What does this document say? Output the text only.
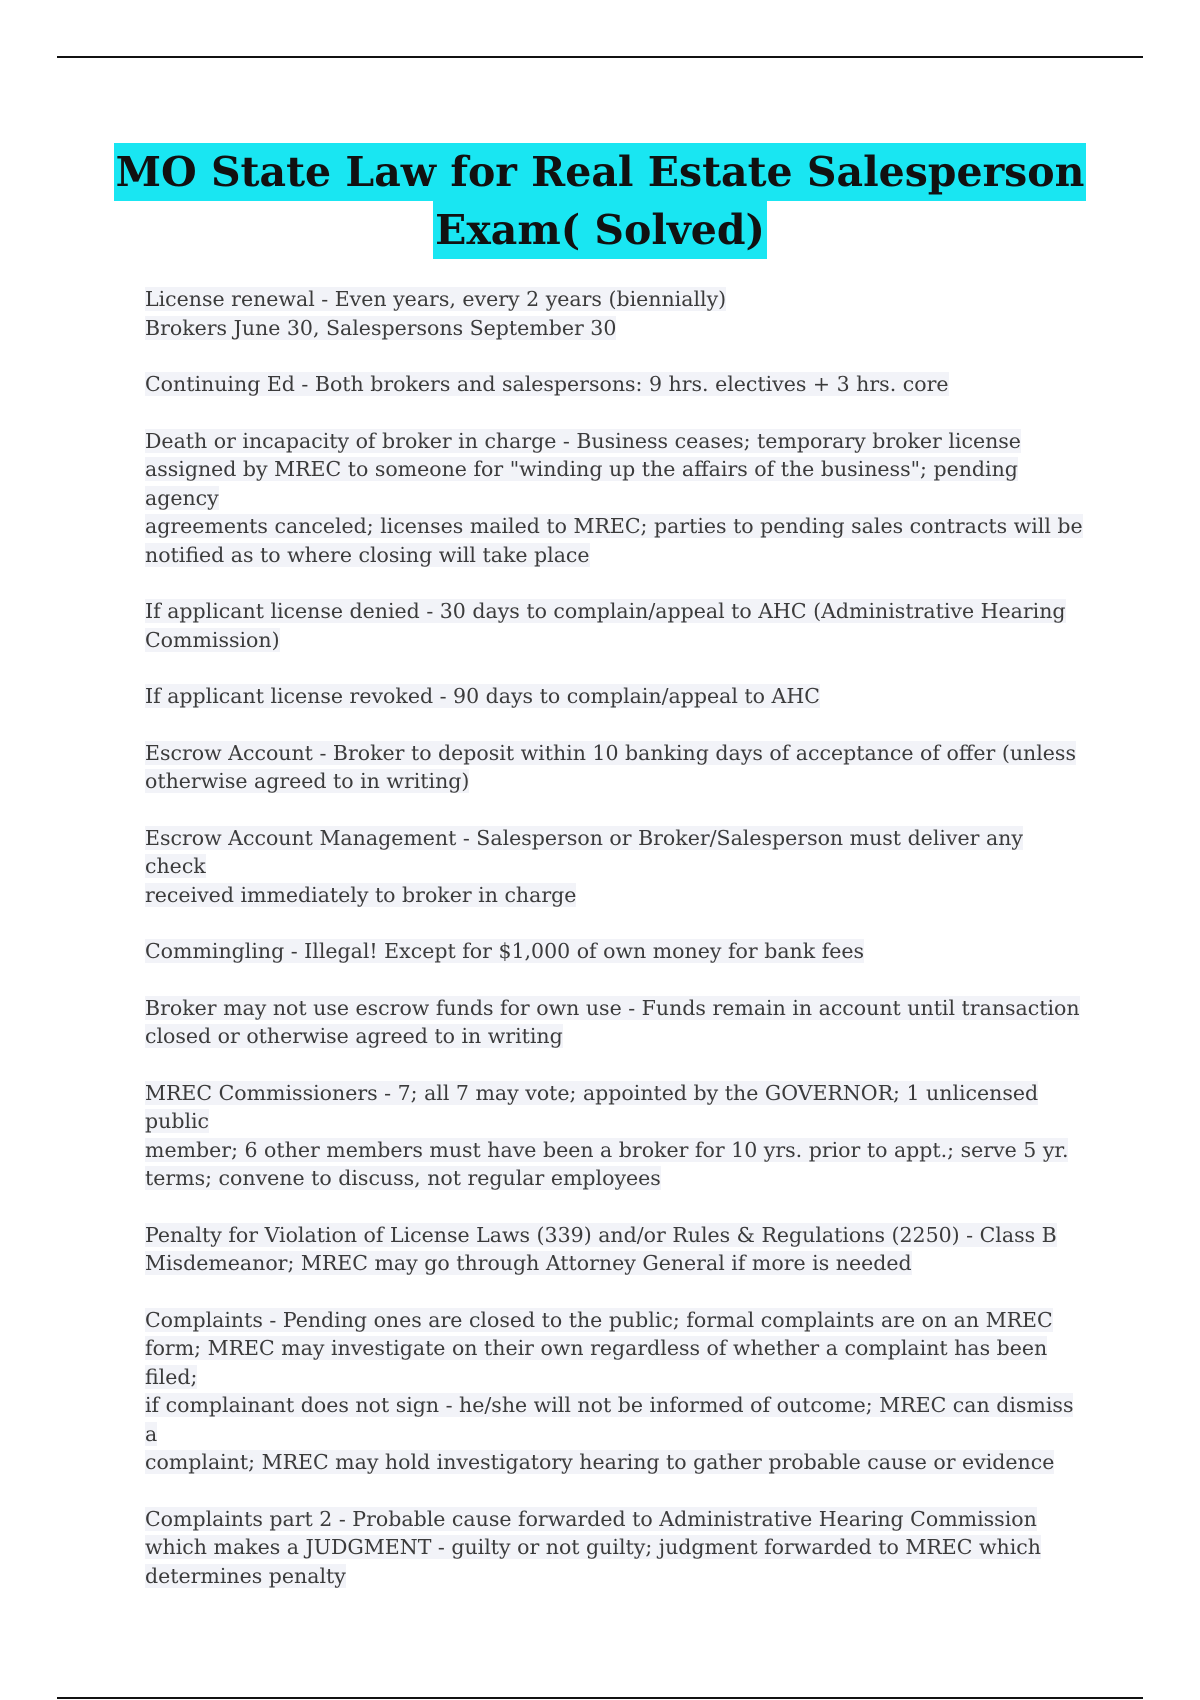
MO State Law for Real Estate Salesperson
Exam( Solved)
License renewal - Even years, every 2 years (biennially)
Brokers June 30, Salespersons September 30
Continuing Ed - Both brokers and salespersons: 9 hrs. electives + 3 hrs. core
Death or incapacity of broker in charge - Business ceases; temporary broker license
assigned by MREC to someone for "winding up the affairs of the business"; pending agency
agreements canceled; licenses mailed to MREC; parties to pending sales contracts will be
notified as to where closing will take place
If applicant license denied - 30 days to complain/appeal to AHC (Administrative Hearing
Commission)
If applicant license revoked - 90 days to complain/appeal to AHC
Escrow Account - Broker to deposit within 10 banking days of acceptance of offer (unless
otherwise agreed to in writing)
Escrow Account Management - Salesperson or Broker/Salesperson must deliver any check
received immediately to broker in charge
Commingling - Illegal! Except for $1,000 of own money for bank fees
Broker may not use escrow funds for own use - Funds remain in account until transaction
closed or otherwise agreed to in writing
MREC Commissioners - 7; all 7 may vote; appointed by the GOVERNOR; 1 unlicensed public
member; 6 other members must have been a broker for 10 yrs. prior to appt.; serve 5 yr.
terms; convene to discuss, not regular employees
Penalty for Violation of License Laws (339) and/or Rules & Regulations (2250) - Class B
Misdemeanor; MREC may go through Attorney General if more is needed
Complaints - Pending ones are closed to the public; formal complaints are on an MREC
form; MREC may investigate on their own regardless of whether a complaint has been filed;
if complainant does not sign - he/she will not be informed of outcome; MREC can dismiss a
complaint; MREC may hold investigatory hearing to gather probable cause or evidence
Complaints part 2 - Probable cause forwarded to Administrative Hearing Commission
which makes a JUDGMENT - guilty or not guilty; judgment forwarded to MREC which
determines penalty
